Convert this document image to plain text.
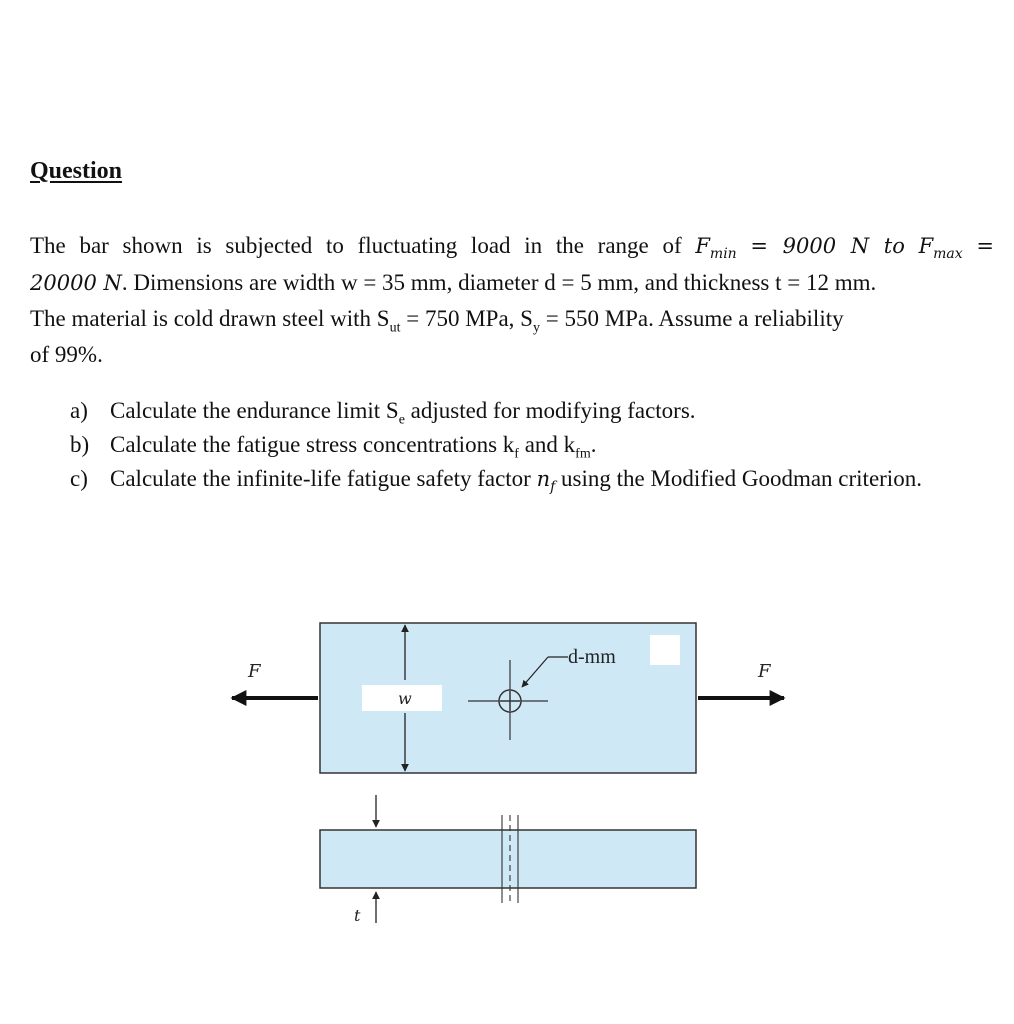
Question
The bar shown is subjected to fluctuating load in the range of $F_{min} = 9000$ N to $F_{max}$ =
20000 N. Dimensions are width w = 35 mm, diameter d = 5 mm, and thickness t = 12 mm.
The material is cold drawn steel with $S_{ut} = 750$ MPa, $S_y = 550$ MPa. Assume a reliability
of 99%.
a) Calculate the endurance limit $S_e$ adjusted for modifying factors.
b) Calculate the fatigue stress concentrations $k_f$ and $k_{fm}$.
c) Calculate the infinite-life fatigue safety factor $n_f$ using the Modified Goodman criterion.
F	F
w
d-mm
t
